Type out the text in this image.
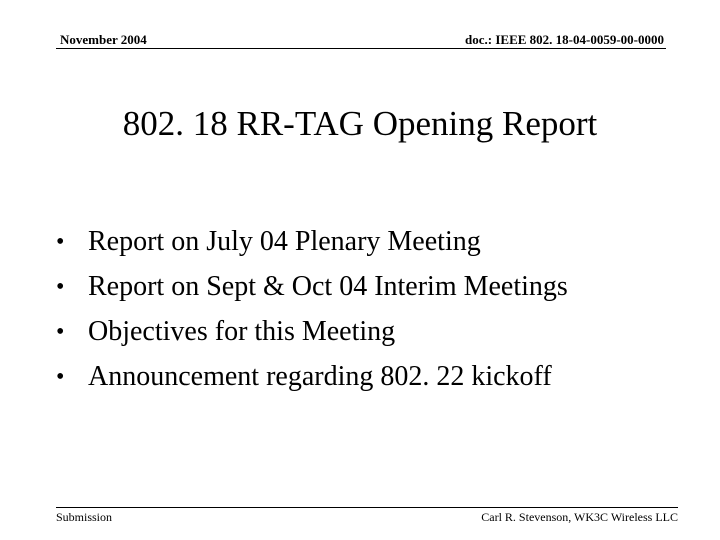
November 2004	doc.: IEEE 802. 18-04-0059-00-0000
802. 18 RR-TAG Opening Report
• Report on July 04 Plenary Meeting
• Report on Sept & Oct 04 Interim Meetings
• Objectives for this Meeting
• Announcement regarding 802. 22 kickoff
Submission	Carl R. Stevenson, WK3C Wireless LLC
